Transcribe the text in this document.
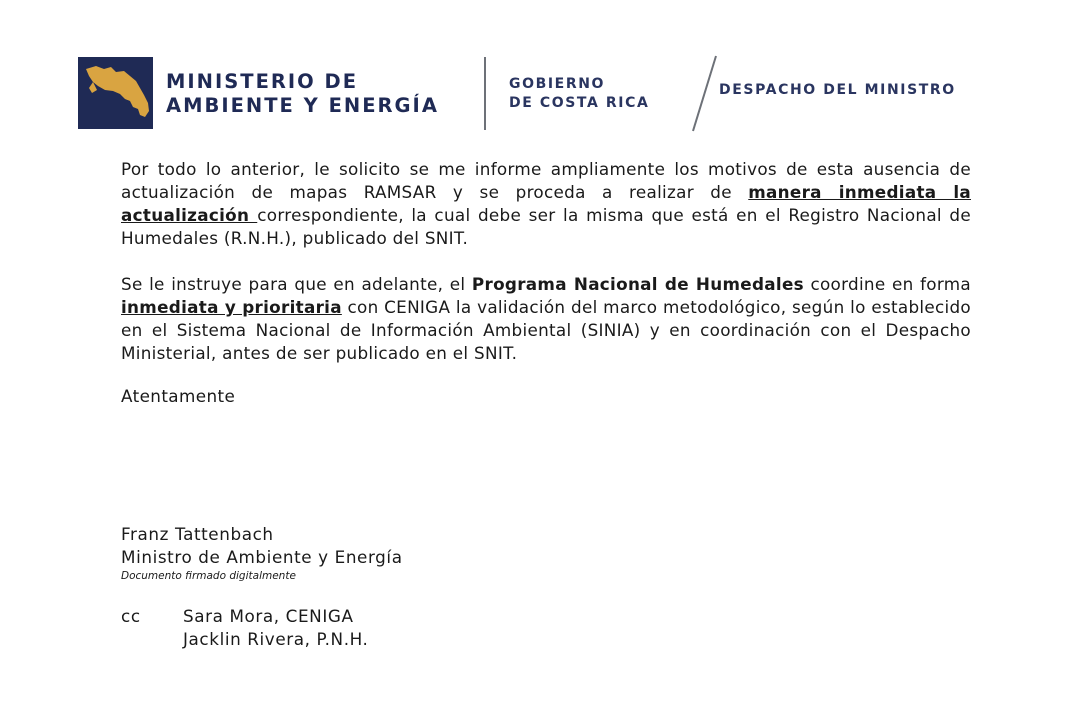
MINISTERIO DE
AMBIENTE Y ENERGÍA
GOBIERNO
DE COSTA RICA
DESPACHO DEL MINISTRO

Por todo lo anterior, le solicito se me informe ampliamente los motivos de esta ausencia de actualización de mapas RAMSAR y se proceda a realizar de manera inmediata la actualización correspondiente, la cual debe ser la misma que está en el Registro Nacional de Humedales (R.N.H.), publicado del SNIT.

Se le instruye para que en adelante, el Programa Nacional de Humedales coordine en forma inmediata y prioritaria con CENIGA la validación del marco metodológico, según lo establecido en el Sistema Nacional de Información Ambiental (SINIA) y en coordinación con el Despacho Ministerial, antes de ser publicado en el SNIT.

Atentamente
Franz Tattenbach
Ministro de Ambiente y Energía
Documento firmado digitalmente
cc	Sara Mora, CENIGA
Jacklin Rivera, P.N.H.
